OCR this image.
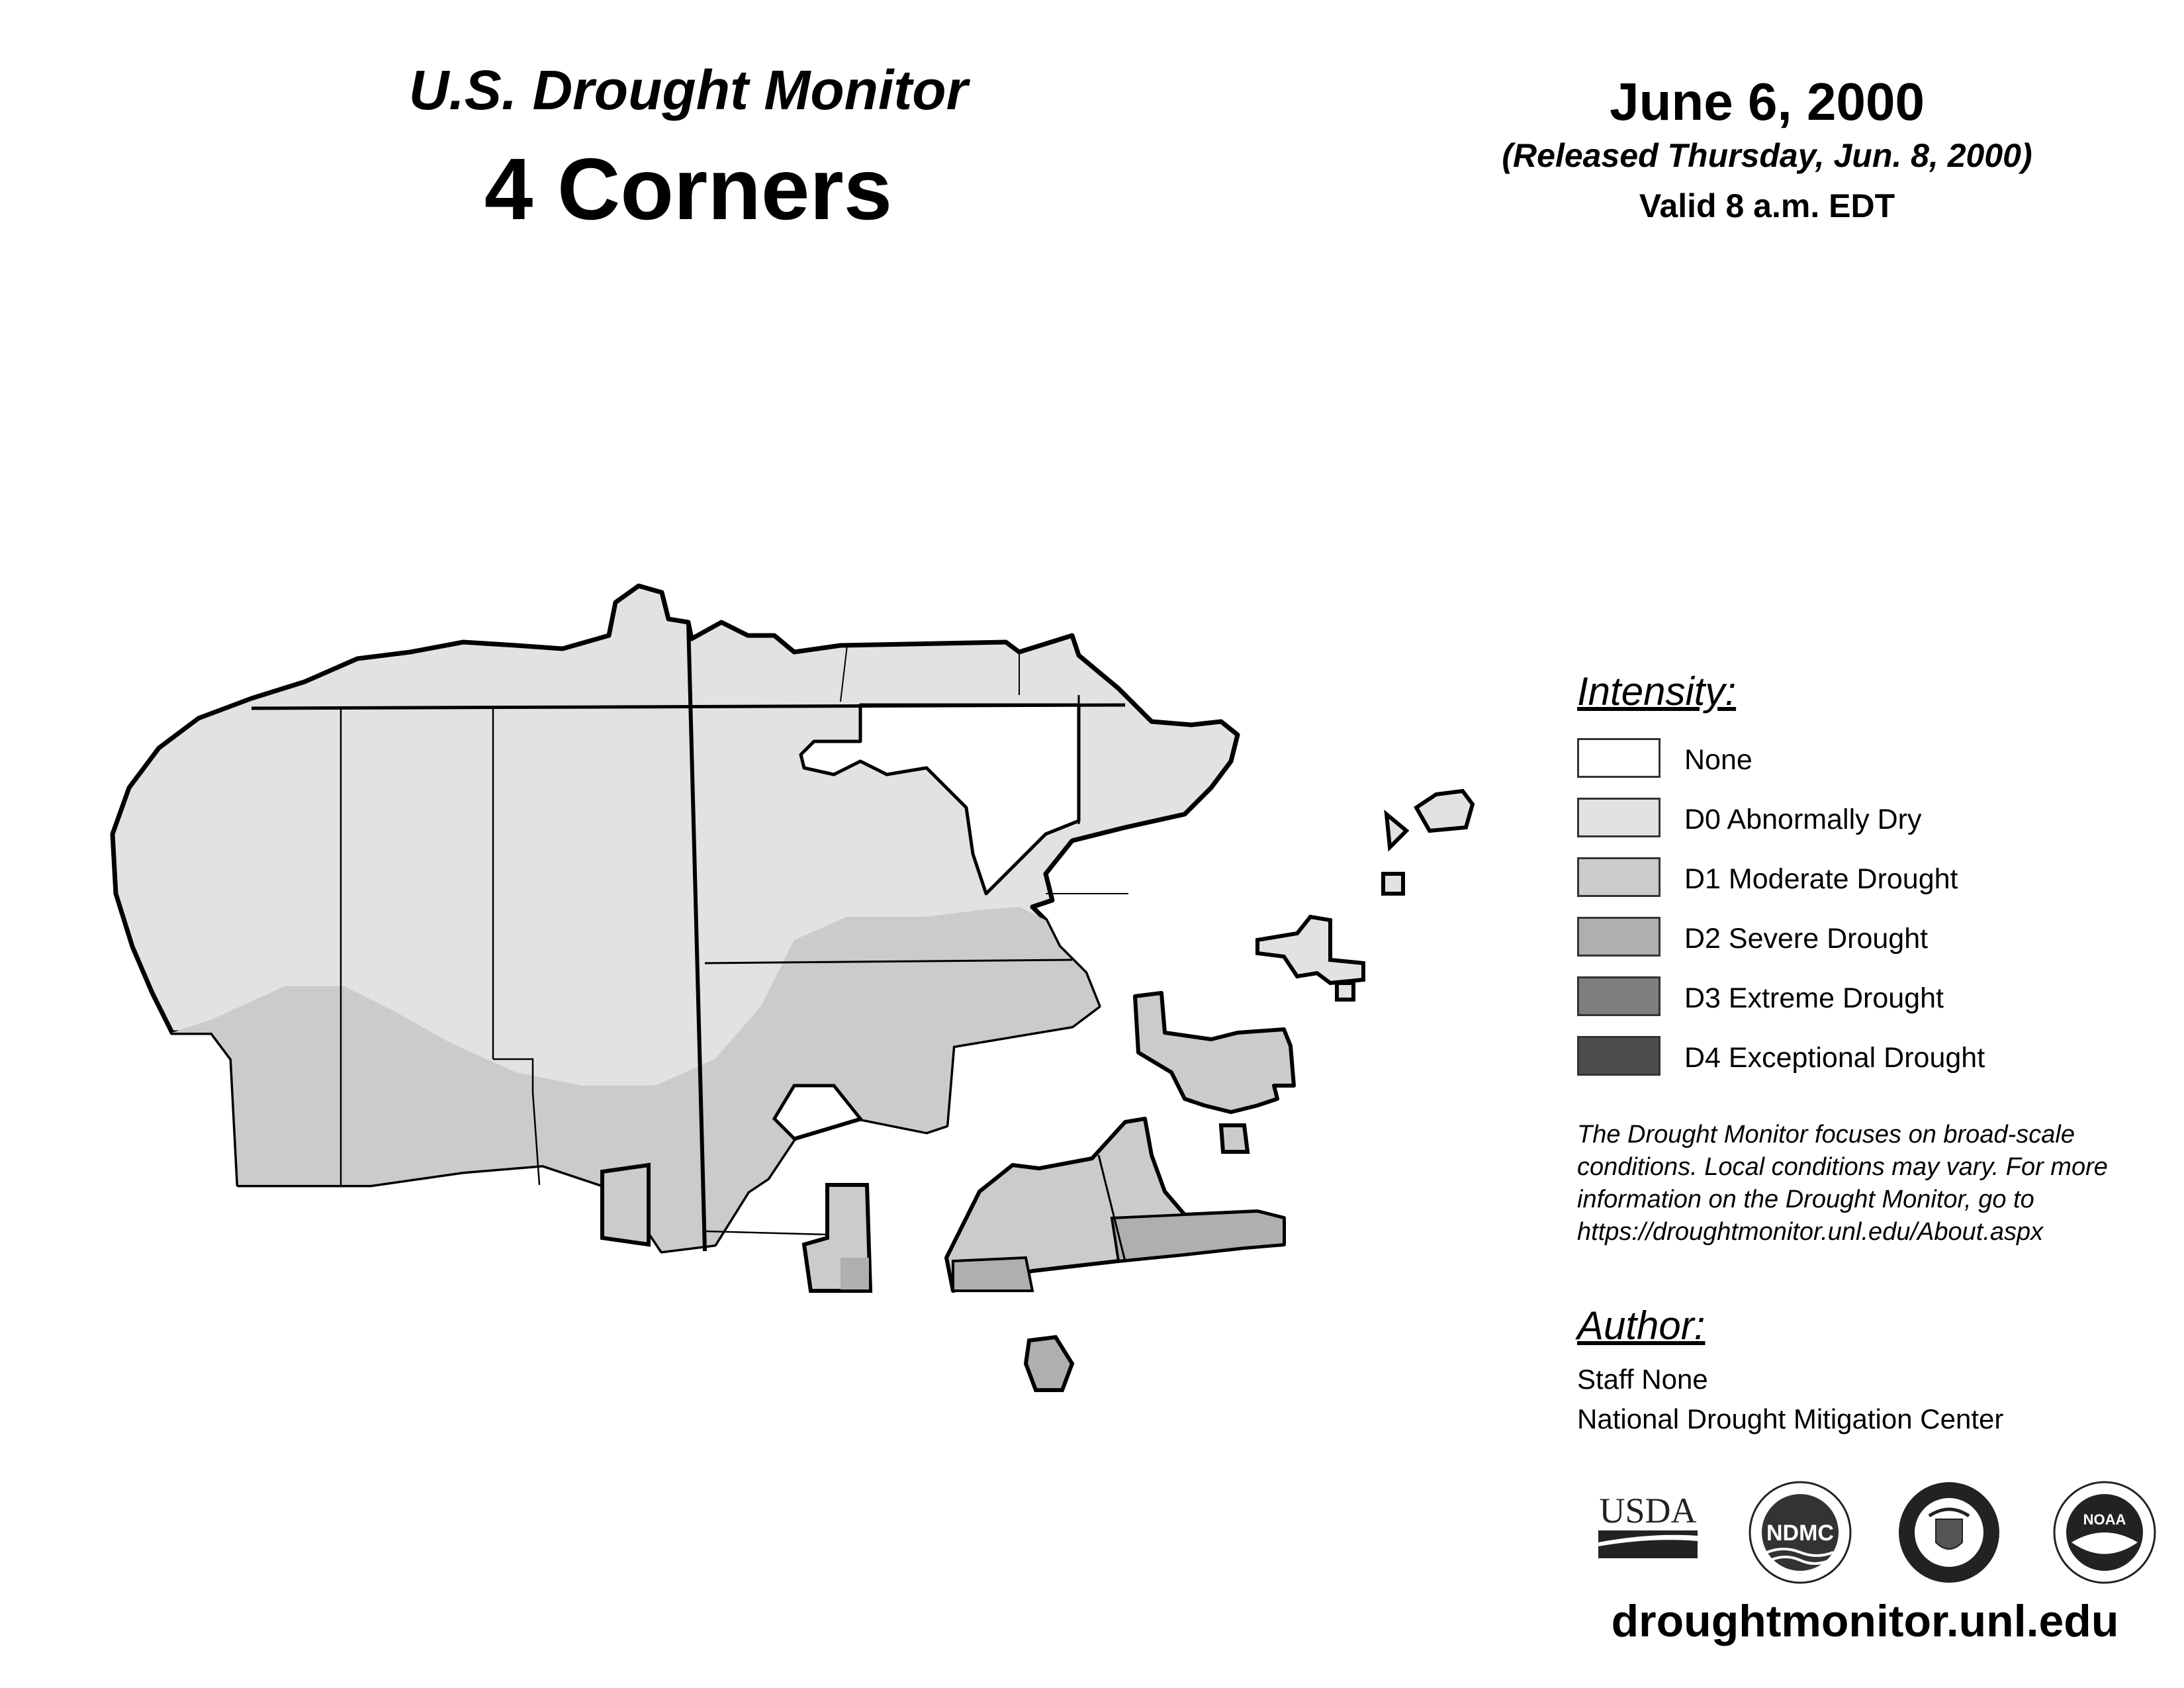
U.S. Drought Monitor
4 Corners
June 6, 2000
(Released Thursday, Jun. 8, 2000)
Valid 8 a.m. EDT
Intensity:
None
D0 Abnormally Dry
D1 Moderate Drought
D2 Severe Drought
D3 Extreme Drought
D4 Exceptional Drought
The Drought Monitor focuses on broad-scale conditions. Local conditions may vary. For more information on the Drought Monitor, go to https://droughtmonitor.unl.edu/About.aspx
Author:
Staff None
National Drought Mitigation Center
USDA
NDMC
NOAA
droughtmonitor.unl.edu
